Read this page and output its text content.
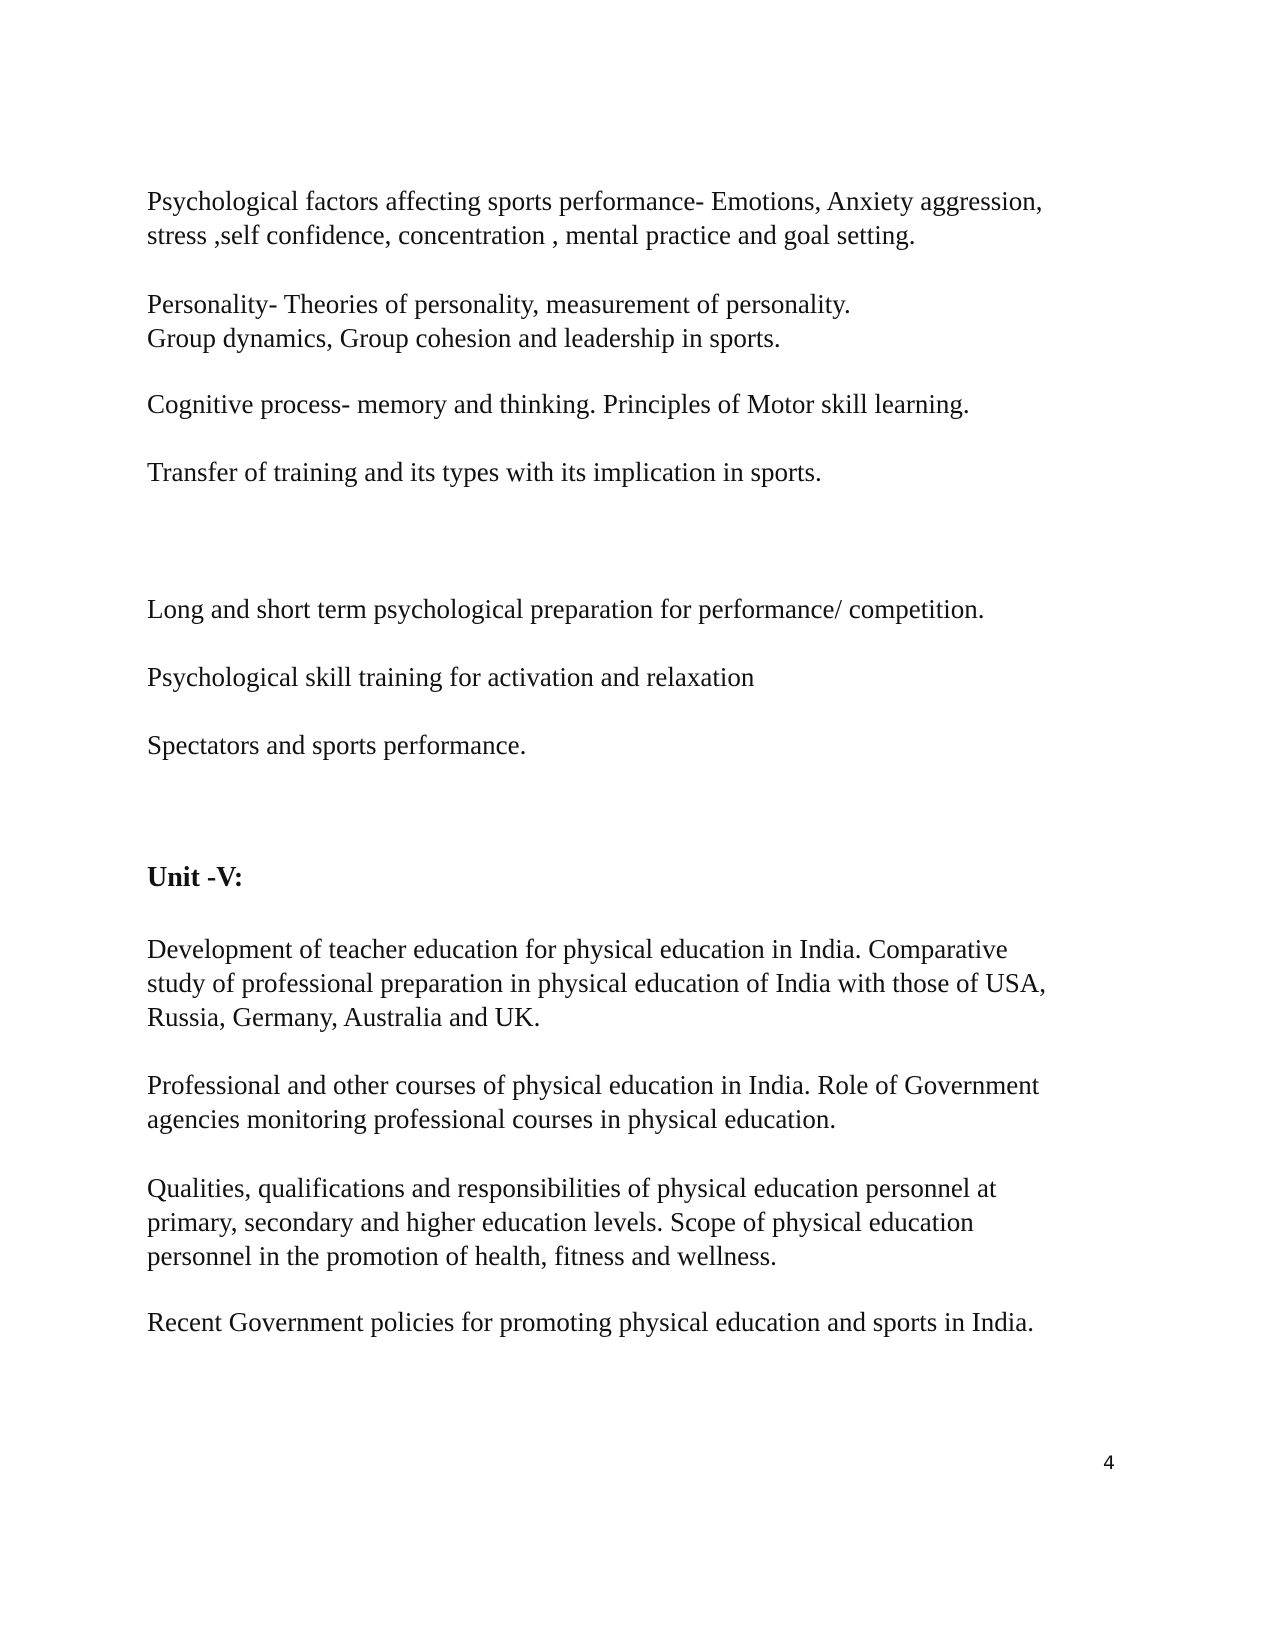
Psychological factors affecting sports performance- Emotions, Anxiety aggression,
stress ,self confidence, concentration , mental practice and goal setting.

Personality- Theories of personality, measurement of personality.
Group dynamics, Group cohesion and leadership in sports.

Cognitive process- memory and thinking. Principles of Motor skill learning.

Transfer of training and its types with its implication in sports.

Long and short term psychological preparation for performance/ competition.

Psychological skill training for activation and relaxation

Spectators and sports performance.

Unit -V:

Development of teacher education for physical education in India. Comparative
study of professional preparation in physical education of India with those of USA,
Russia, Germany, Australia and UK.

Professional and other courses of physical education in India. Role of Government
agencies monitoring professional courses in physical education.

Qualities, qualifications and responsibilities of physical education personnel at
primary, secondary and higher education levels. Scope of physical education
personnel in the promotion of health, fitness and wellness.

Recent Government policies for promoting physical education and sports in India.

4
